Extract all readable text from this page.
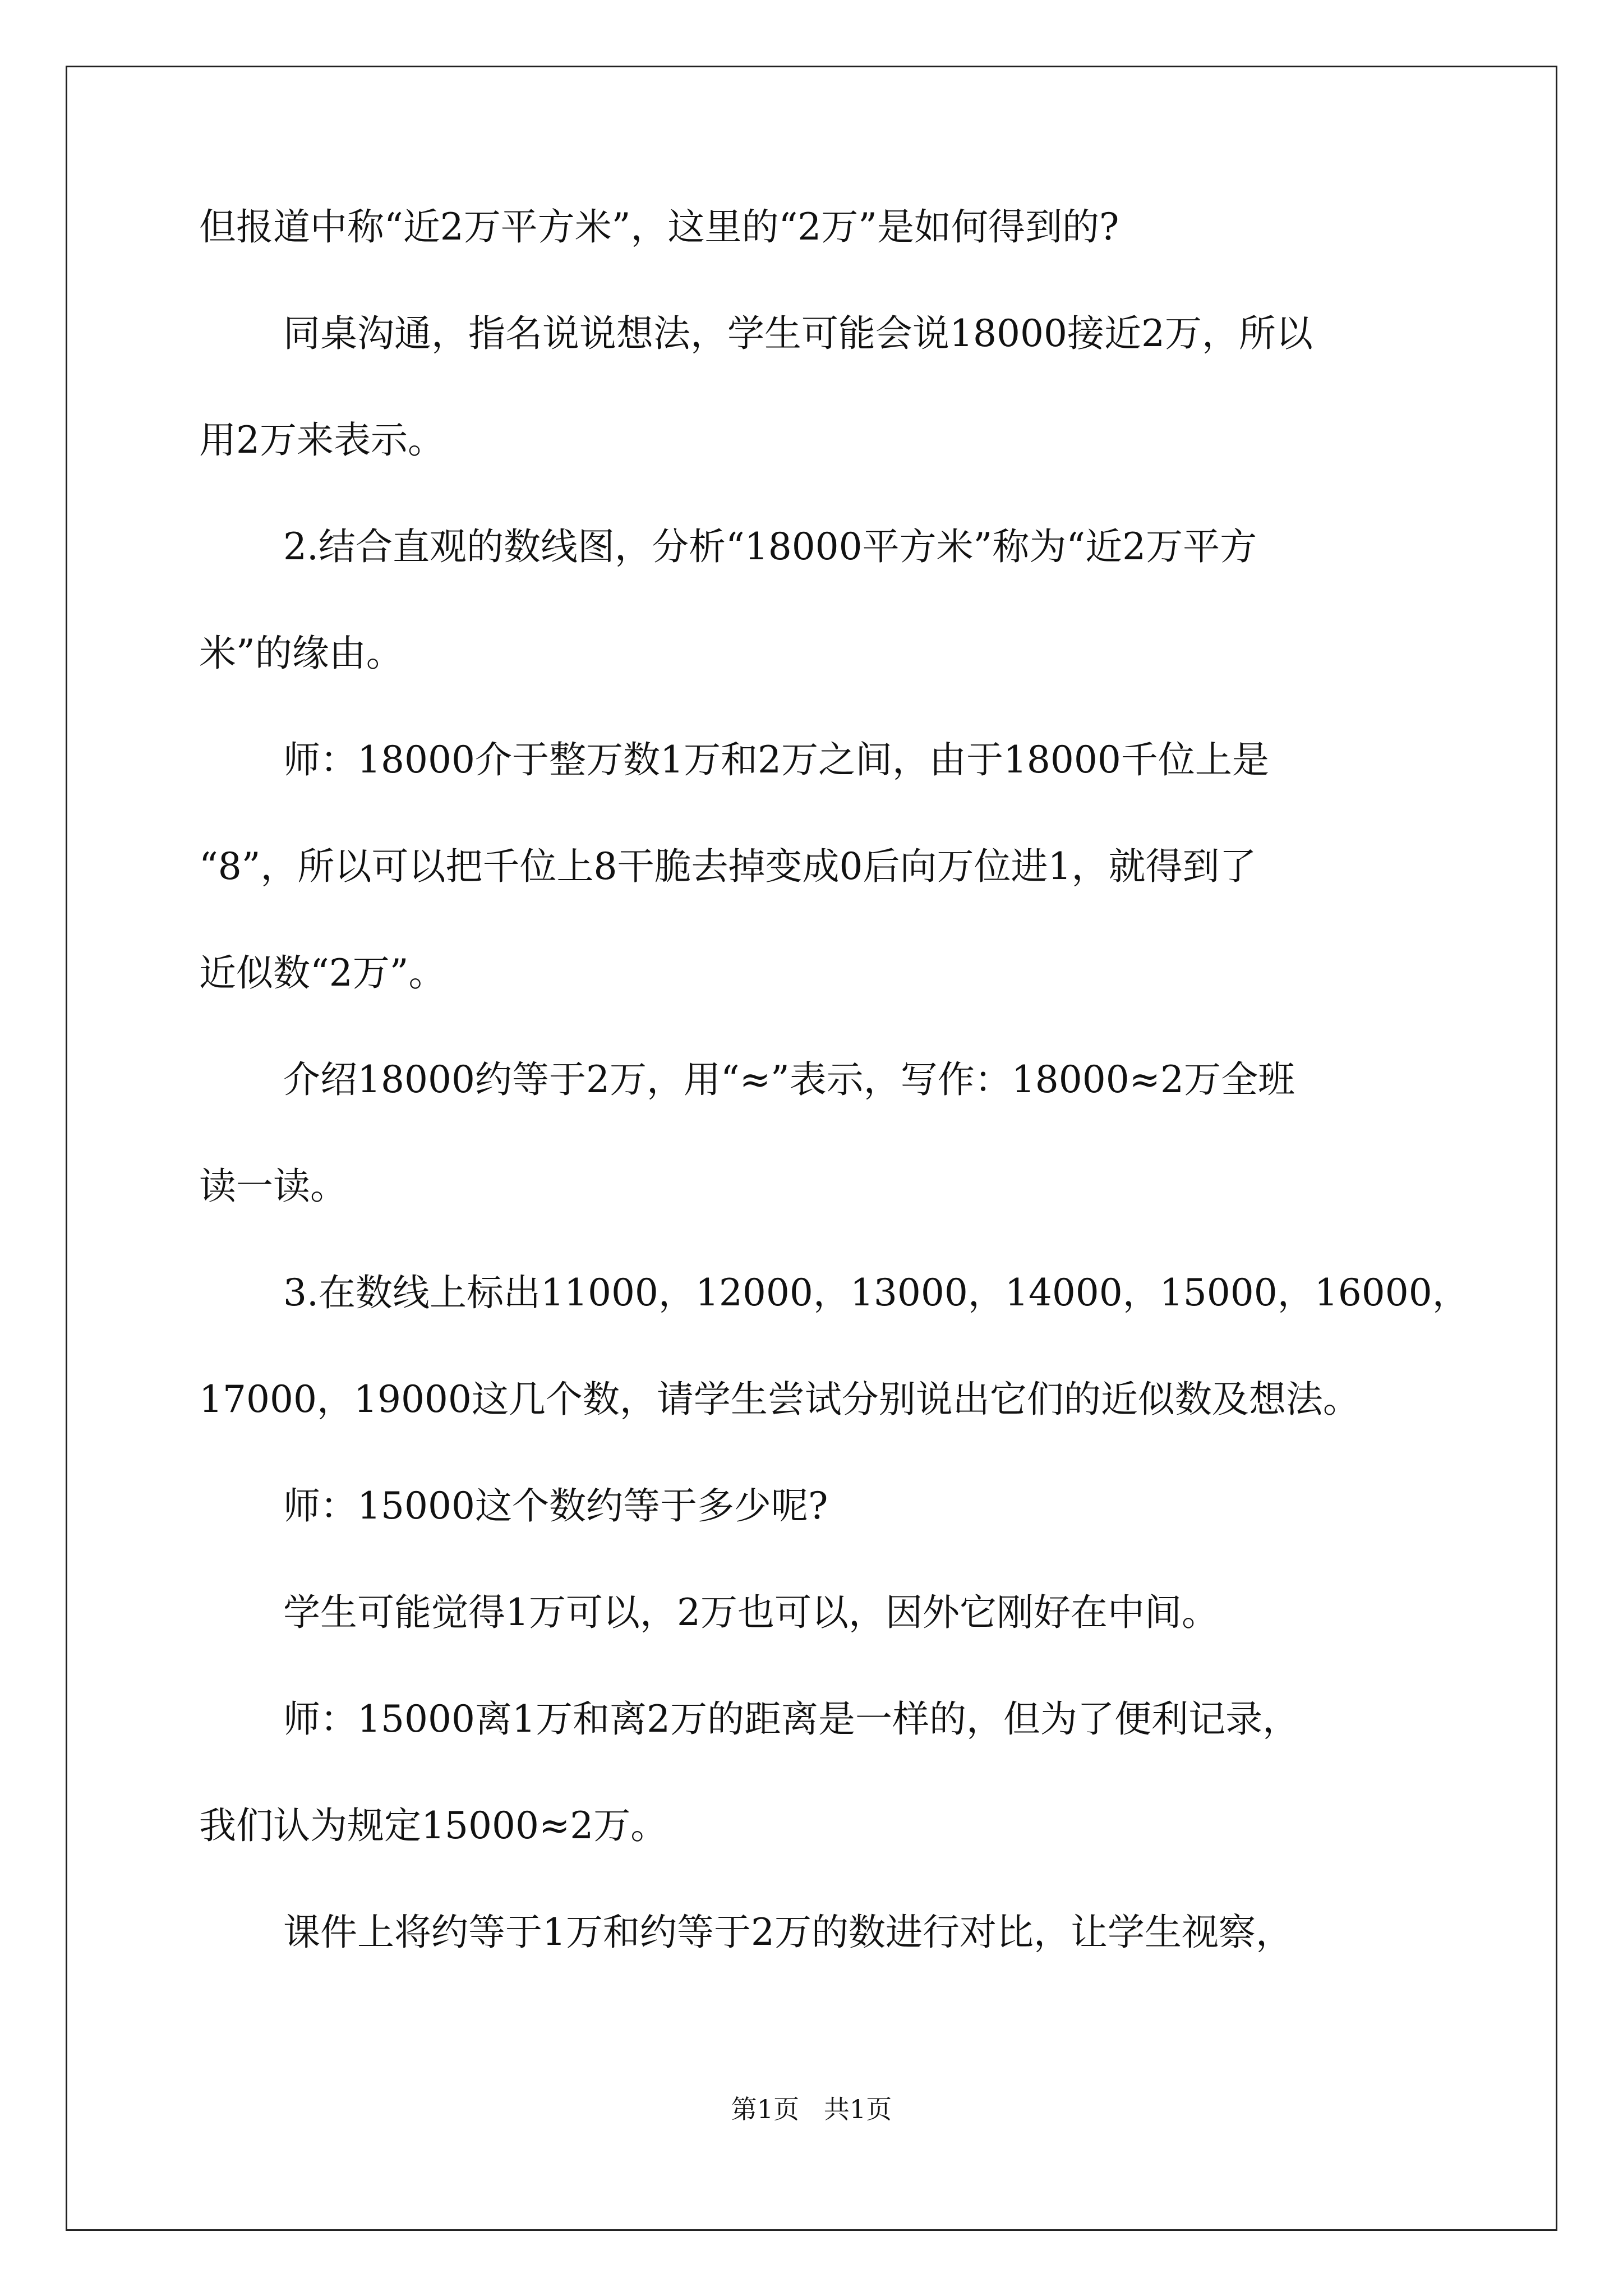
但报道中称“近2万平方米”，这里的“2万”是如何得到的?
同桌沟通，指名说说想法，学生可能会说18000接近2万，所以
用2万来表示。
2.结合直观的数线图，分析“18000平方米”称为“近2万平方
米”的缘由。
师：18000介于整万数1万和2万之间，由于18000千位上是
“8”，所以可以把千位上8干脆去掉变成0后向万位进1，就得到了
近似数“2万”。
介绍18000约等于2万，用“≈”表示，写作：18000≈2万全班
读一读。
3.在数线上标出11000，12000，13000，14000，15000，16000，
17000，19000这几个数，请学生尝试分别说出它们的近似数及想法。
师：15000这个数约等于多少呢?
学生可能觉得1万可以，2万也可以，因外它刚好在中间。
师：15000离1万和离2万的距离是一样的，但为了便利记录，
我们认为规定15000≈2万。
课件上将约等于1万和约等于2万的数进行对比，让学生视察，
第1页   共1页
